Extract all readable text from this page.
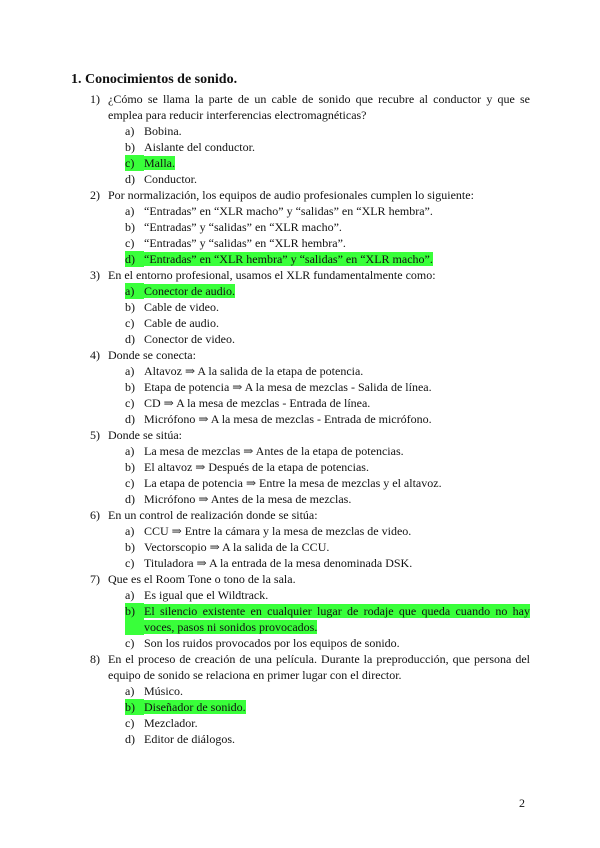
1. Conocimientos de sonido.
1) ¿Cómo se llama la parte de un cable de sonido que recubre al conductor y que se emplea para reducir interferencias electromagnéticas?
a) Bobina.
b) Aislante del conductor.
c) Malla.
d) Conductor.
2) Por normalización, los equipos de audio profesionales cumplen lo siguiente:
a) “Entradas” en “XLR macho” y “salidas” en “XLR hembra”.
b) “Entradas” y “salidas” en “XLR macho”.
c) “Entradas” y “salidas” en “XLR hembra”.
d) “Entradas” en “XLR hembra” y “salidas” en “XLR macho”.
3) En el entorno profesional, usamos el XLR fundamentalmente como:
a) Conector de audio.
b) Cable de video.
c) Cable de audio.
d) Conector de video.
4) Donde se conecta:
a) Altavoz ⇒ A la salida de la etapa de potencia.
b) Etapa de potencia ⇒ A la mesa de mezclas - Salida de línea.
c) CD ⇒ A la mesa de mezclas - Entrada de línea.
d) Micrófono ⇒ A la mesa de mezclas - Entrada de micrófono.
5) Donde se sitúa:
a) La mesa de mezclas ⇒ Antes de la etapa de potencias.
b) El altavoz ⇒ Después de la etapa de potencias.
c) La etapa de potencia ⇒ Entre la mesa de mezclas y el altavoz.
d) Micrófono ⇒ Antes de la mesa de mezclas.
6) En un control de realización donde se sitúa:
a) CCU ⇒ Entre la cámara y la mesa de mezclas de video.
b) Vectorscopio ⇒ A la salida de la CCU.
c) Tituladora ⇒ A la entrada de la mesa denominada DSK.
7) Que es el Room Tone o tono de la sala.
a) Es igual que el Wildtrack.
b) El silencio existente en cualquier lugar de rodaje que queda cuando no hay voces, pasos ni sonidos provocados.
c) Son los ruidos provocados por los equipos de sonido.
8) En el proceso de creación de una película. Durante la preproducción, que persona del equipo de sonido se relaciona en primer lugar con el director.
a) Músico.
b) Diseñador de sonido.
c) Mezclador.
d) Editor de diálogos.
2
